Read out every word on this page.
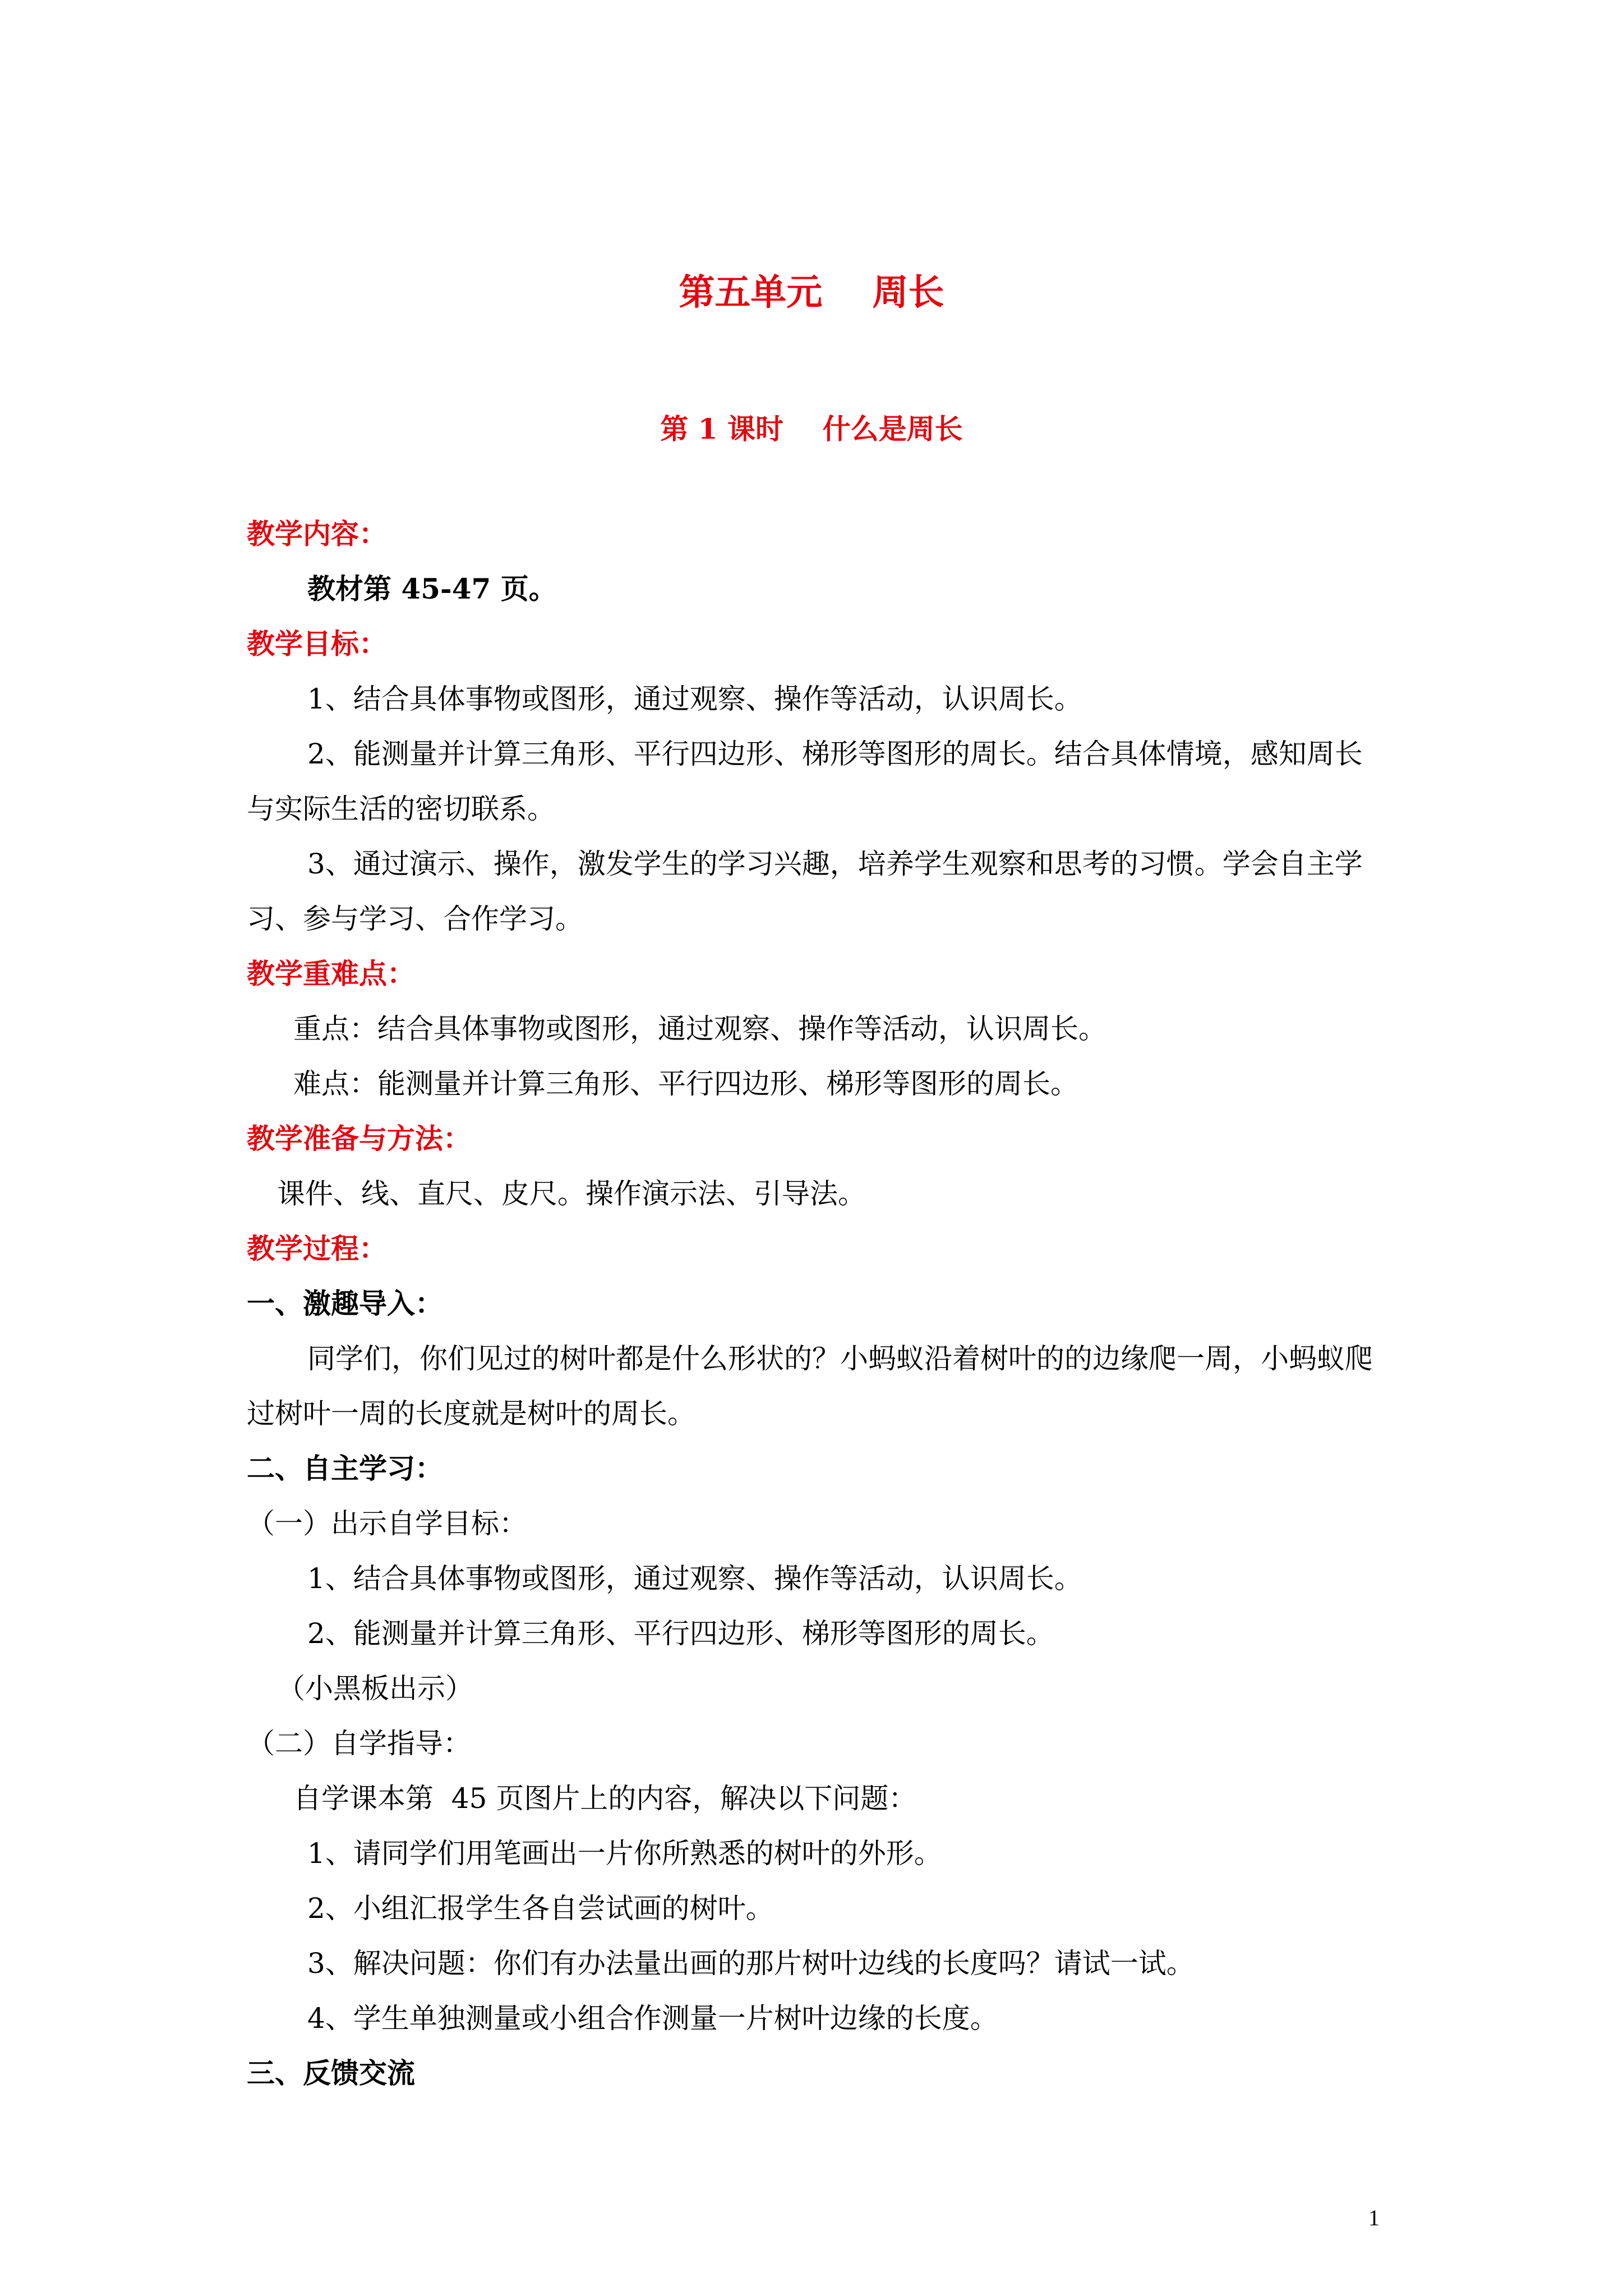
第五单元    周长
第 1 课时    什么是周长
教学内容：
教材第 45-47 页。
教学目标：
1、结合具体事物或图形，通过观察、操作等活动，认识周长。
2、能测量并计算三角形、平行四边形、梯形等图形的周长。结合具体情境，感知周长
与实际生活的密切联系。
3、通过演示、操作，激发学生的学习兴趣，培养学生观察和思考的习惯。学会自主学
习、参与学习、合作学习。
教学重难点：
重点：结合具体事物或图形，通过观察、操作等活动，认识周长。
难点：能测量并计算三角形、平行四边形、梯形等图形的周长。
教学准备与方法：
课件、线、直尺、皮尺。操作演示法、引导法。
教学过程：
一、激趣导入：
同学们，你们见过的树叶都是什么形状的？小蚂蚁沿着树叶的的边缘爬一周，小蚂蚁爬
过树叶一周的长度就是树叶的周长。
二、自主学习：
（一）出示自学目标：
1、结合具体事物或图形，通过观察、操作等活动，认识周长。
2、能测量并计算三角形、平行四边形、梯形等图形的周长。
（小黑板出示）
（二）自学指导：
自学课本第  45 页图片上的内容，解决以下问题：
1、请同学们用笔画出一片你所熟悉的树叶的外形。
2、小组汇报学生各自尝试画的树叶。
3、解决问题：你们有办法量出画的那片树叶边线的长度吗？请试一试。
4、学生单独测量或小组合作测量一片树叶边缘的长度。
三、反馈交流
1
